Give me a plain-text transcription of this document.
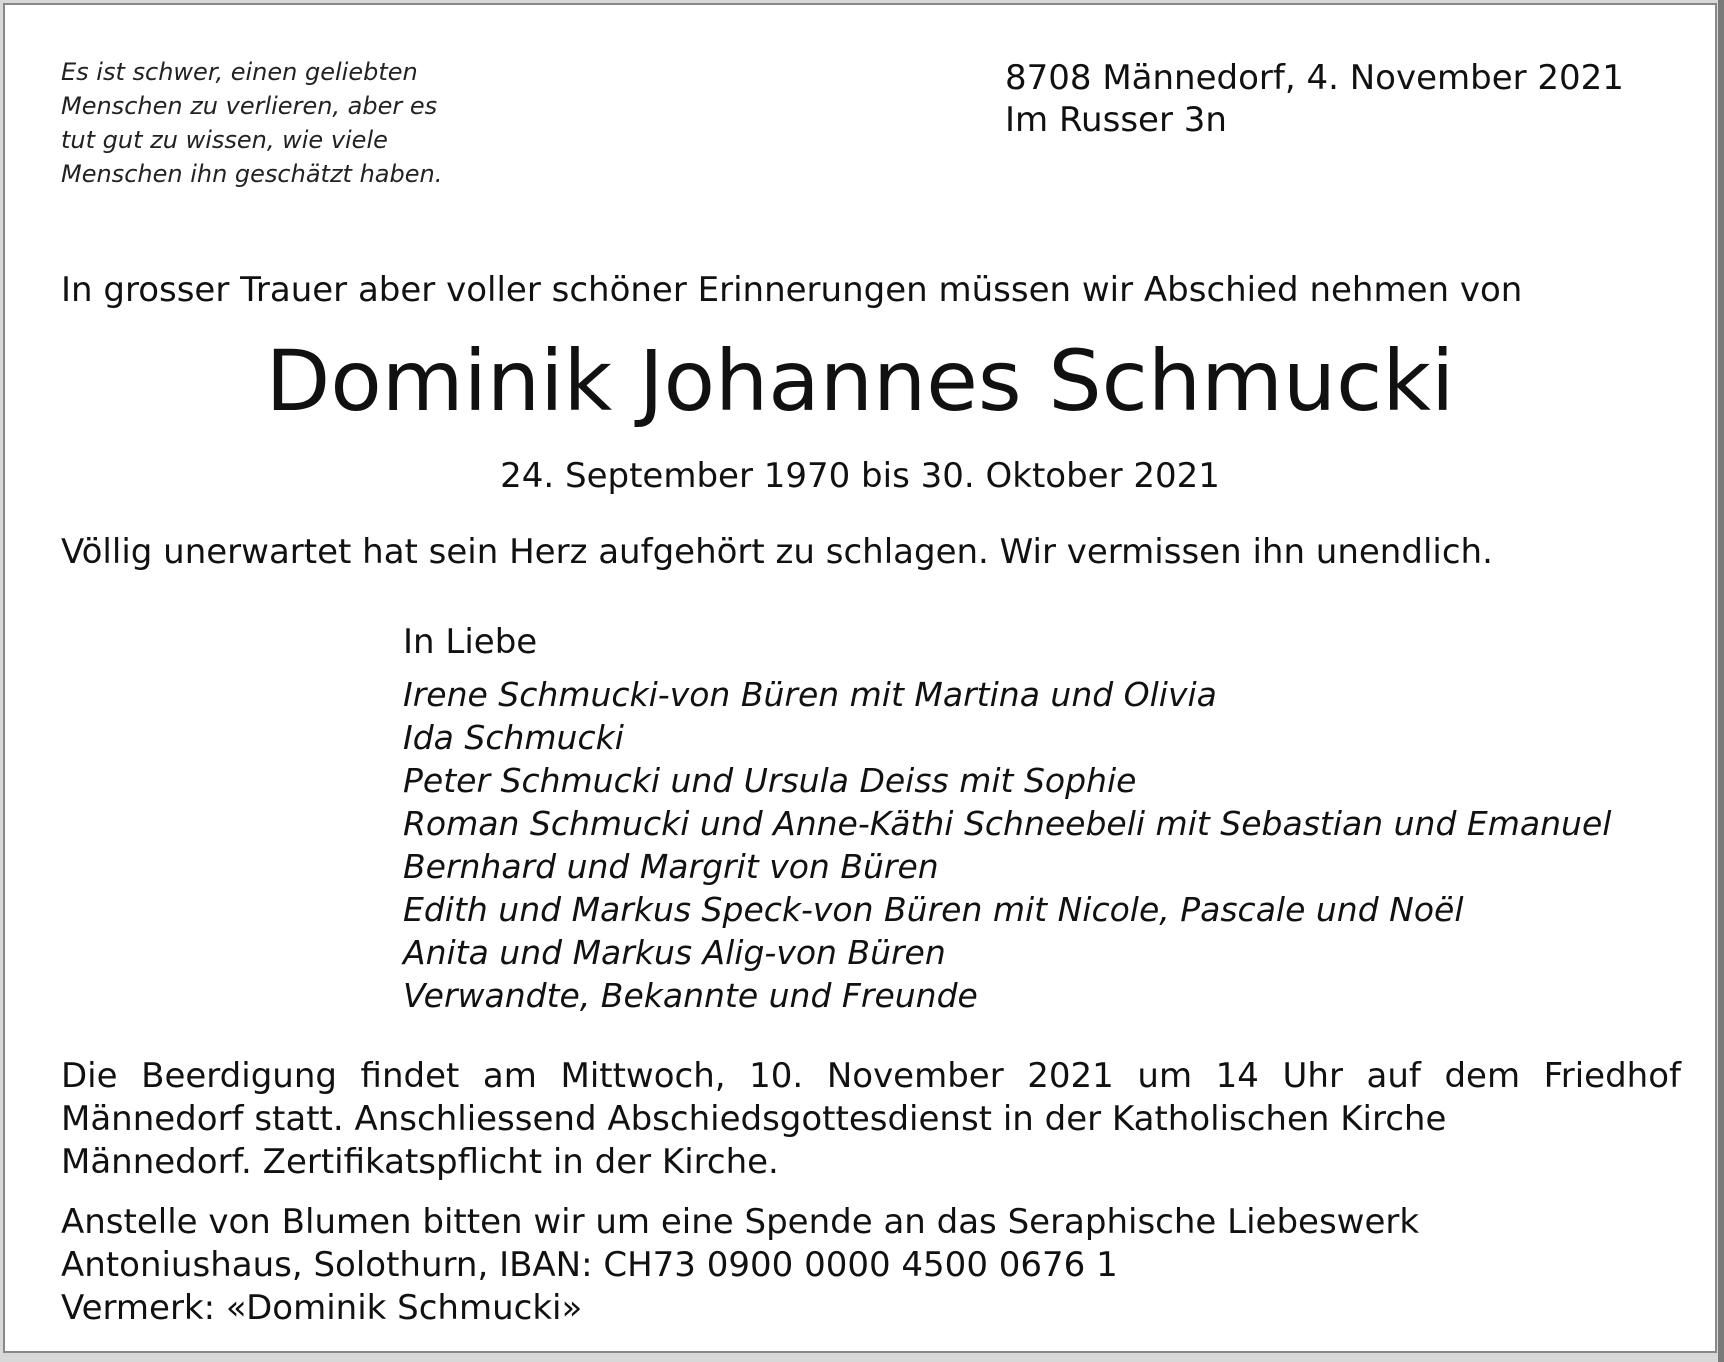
Es ist schwer, einen geliebten
Menschen zu verlieren, aber es
tut gut zu wissen, wie viele
Menschen ihn geschätzt haben.
8708 Männedorf, 4. November 2021
Im Russer 3n
In grosser Trauer aber voller schöner Erinnerungen müssen wir Abschied nehmen von
Dominik Johannes Schmucki
24. September 1970 bis 30. Oktober 2021
Völlig unerwartet hat sein Herz aufgehört zu schlagen. Wir vermissen ihn unendlich.
In Liebe
Irene Schmucki-von Büren mit Martina und Olivia
Ida Schmucki
Peter Schmucki und Ursula Deiss mit Sophie
Roman Schmucki und Anne-Käthi Schneebeli mit Sebastian und Emanuel
Bernhard und Margrit von Büren
Edith und Markus Speck-von Büren mit Nicole, Pascale und Noël
Anita und Markus Alig-von Büren
Verwandte, Bekannte und Freunde
Die Beerdigung findet am Mittwoch, 10. November 2021 um 14 Uhr auf dem Friedhof
Männedorf statt. Anschliessend Abschiedsgottesdienst in der Katholischen Kirche
Männedorf. Zertifikatspflicht in der Kirche.
Anstelle von Blumen bitten wir um eine Spende an das Seraphische Liebeswerk
Antoniushaus, Solothurn, IBAN: CH73 0900 0000 4500 0676 1
Vermerk: «Dominik Schmucki»
